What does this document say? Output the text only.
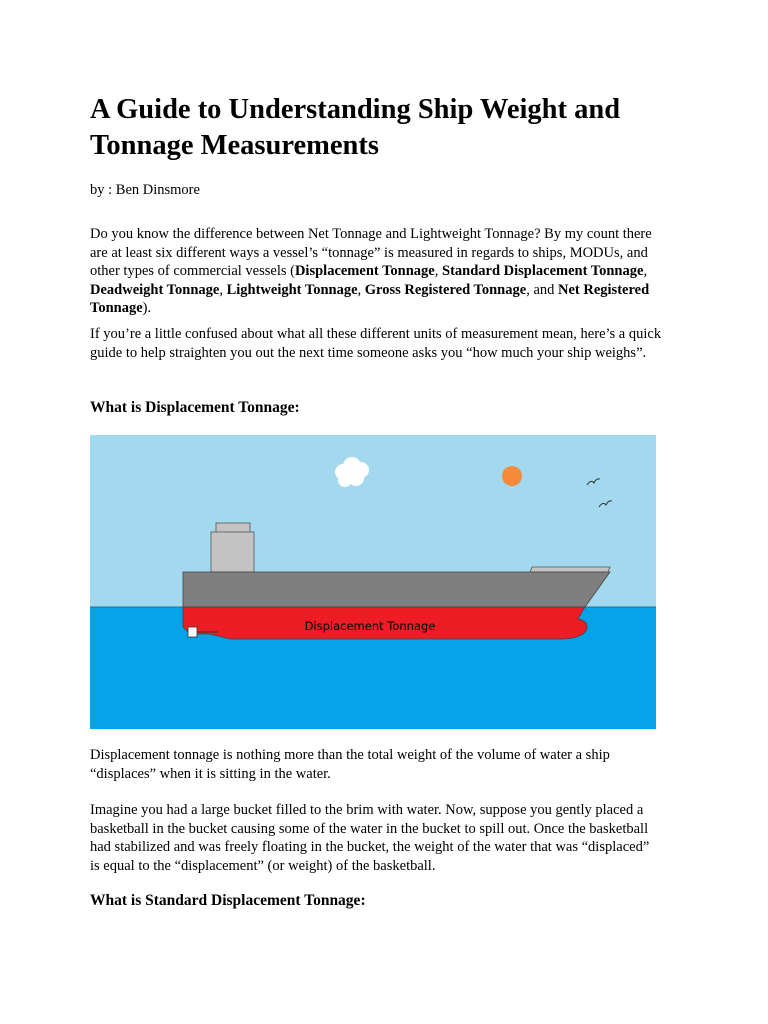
A Guide to Understanding Ship Weight and Tonnage Measurements

by : Ben Dinsmore

Do you know the difference between Net Tonnage and Lightweight Tonnage? By my count there are at least six different ways a vessel’s “tonnage” is measured in regards to ships, MODUs, and other types of commercial vessels (Displacement Tonnage, Standard Displacement Tonnage, Deadweight Tonnage, Lightweight Tonnage, Gross Registered Tonnage, and Net Registered Tonnage).

If you’re a little confused about what all these different units of measurement mean, here’s a quick guide to help straighten you out the next time someone asks you “how much your ship weighs”.

What is Displacement Tonnage:
Displacement Tonnage

Displacement tonnage is nothing more than the total weight of the volume of water a ship “displaces” when it is sitting in the water.

Imagine you had a large bucket filled to the brim with water. Now, suppose you gently placed a basketball in the bucket causing some of the water in the bucket to spill out. Once the basketball had stabilized and was freely floating in the bucket, the weight of the water that was “displaced” is equal to the “displacement” (or weight) of the basketball.

What is Standard Displacement Tonnage:
